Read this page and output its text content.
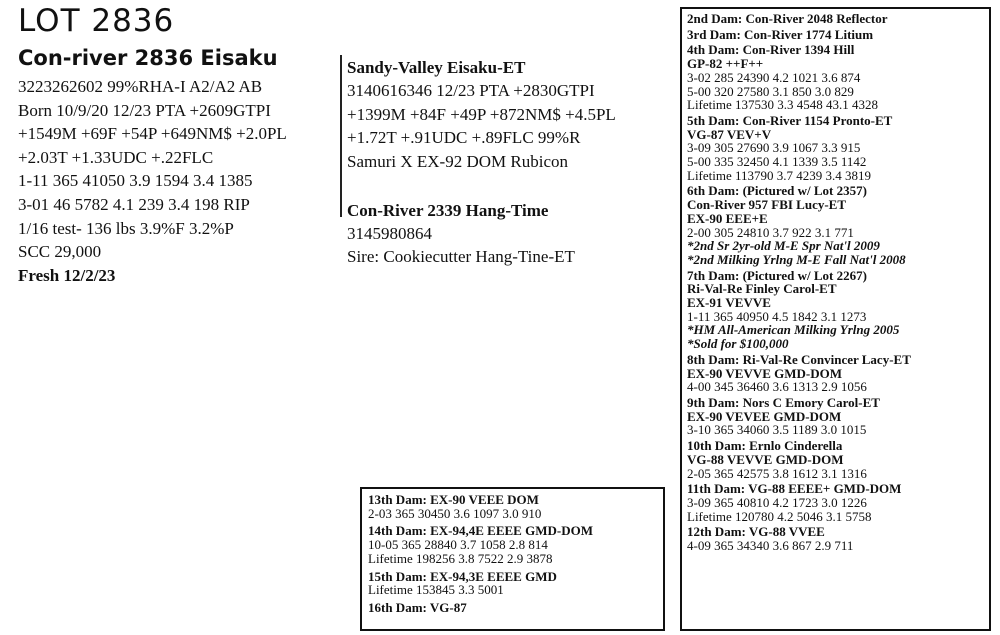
LOT 2836
Con-river 2836 Eisaku
3223262602 99%RHA-I A2/A2 AB
Born 10/9/20 12/23 PTA +2609GTPI
+1549M +69F +54P +649NM$ +2.0PL
+2.03T +1.33UDC +.22FLC
1-11 365 41050 3.9 1594 3.4 1385
3-01 46 5782 4.1 239 3.4 198 RIP
1/16 test- 136 lbs 3.9%F 3.2%P
SCC 29,000
Fresh 12/2/23
Sandy-Valley Eisaku-ET
3140616346 12/23 PTA +2830GTPI
+1399M +84F +49P +872NM$ +4.5PL
+1.72T +.91UDC +.89FLC 99%R
Samuri X EX-92 DOM Rubicon
Con-River 2339 Hang-Time
3145980864
Sire: Cookiecutter Hang-Tine-ET
2nd Dam: Con-River 2048 Reflector
3rd Dam: Con-River 1774 Litium
4th Dam: Con-River 1394 Hill
GP-82 ++F++
3-02 285 24390 4.2 1021 3.6 874
5-00 320 27580 3.1 850 3.0 829
Lifetime 137530 3.3 4548 43.1 4328
5th Dam: Con-River 1154 Pronto-ET
VG-87 VEV+V
3-09 305 27690 3.9 1067 3.3 915
5-00 335 32450 4.1 1339 3.5 1142
Lifetime 113790 3.7 4239 3.4 3819
6th Dam: (Pictured w/ Lot 2357)
Con-River 957 FBI Lucy-ET
EX-90 EEE+E
2-00 305 24810 3.7 922 3.1 771
*2nd Sr 2yr-old M-E Spr Nat'l 2009
*2nd Milking Yrlng M-E Fall Nat'l 2008
7th Dam: (Pictured w/ Lot 2267)
Ri-Val-Re Finley Carol-ET
EX-91 VEVVE
1-11 365 40950 4.5 1842 3.1 1273
*HM All-American Milking Yrlng 2005
*Sold for $100,000
8th Dam: Ri-Val-Re Convincer Lacy-ET
EX-90 VEVVE GMD-DOM
4-00 345 36460 3.6 1313 2.9 1056
9th Dam: Nors C Emory Carol-ET
EX-90 VEVEE GMD-DOM
3-10 365 34060 3.5 1189 3.0 1015
10th Dam: Ernlo Cinderella
VG-88 VEVVE GMD-DOM
2-05 365 42575 3.8 1612 3.1 1316
11th Dam: VG-88 EEEE+ GMD-DOM
3-09 365 40810 4.2 1723 3.0 1226
Lifetime 120780 4.2 5046 3.1 5758
12th Dam: VG-88 VVEE
4-09 365 34340 3.6 867 2.9 711
13th Dam: EX-90 VEEE DOM
2-03 365 30450 3.6 1097 3.0 910
14th Dam: EX-94,4E EEEE GMD-DOM
10-05 365 28840 3.7 1058 2.8 814
Lifetime 198256 3.8 7522 2.9 3878
15th Dam: EX-94,3E EEEE GMD
Lifetime 153845 3.3 5001
16th Dam: VG-87
